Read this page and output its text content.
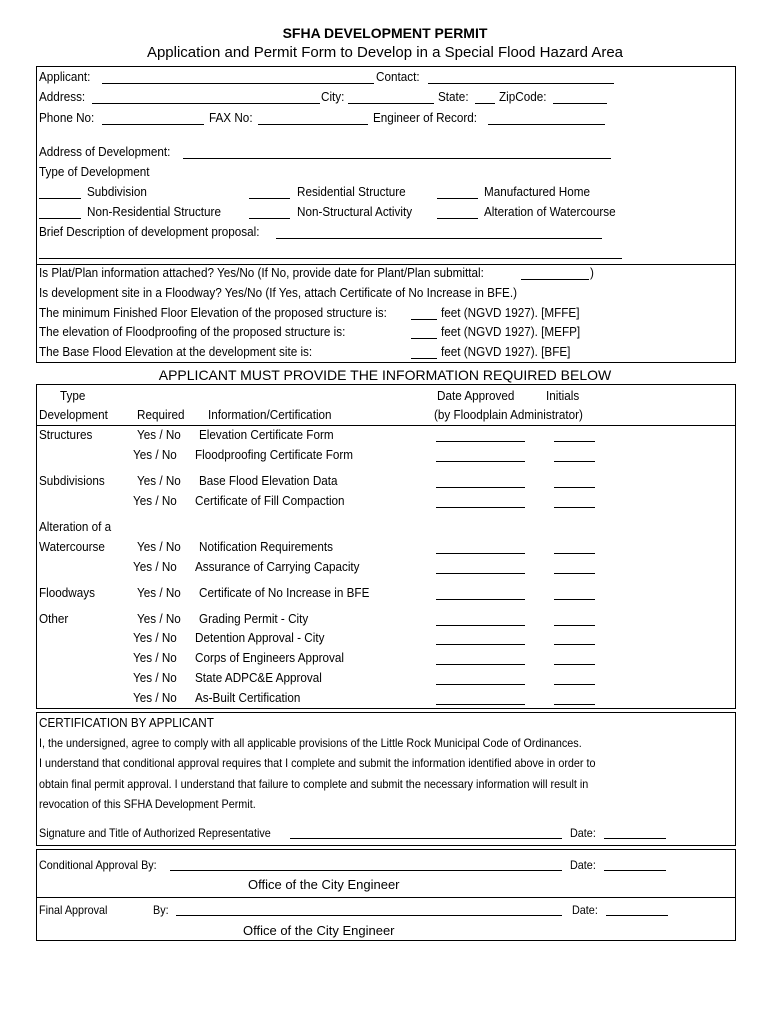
SFHA DEVELOPMENT PERMIT
Application and Permit Form to Develop in a Special Flood Hazard Area
Applicant:	Contact:
Address:	City:	State: ZipCode:
Phone No:	FAX No:	Engineer of Record:
Address of Development:
Type of Development
Subdivision	Residential Structure	Manufactured Home
Non-Residential Structure	Non-Structural Activity	Alteration of Watercourse
Brief Description of development proposal:
Is Plat/Plan information attached? Yes/No (If No, provide date for Plant/Plan submittal:	)
Is development site in a Floodway? Yes/No (If Yes, attach Certificate of No Increase in BFE.)
The minimum Finished Floor Elevation of the proposed structure is:	feet (NGVD 1927). [MFFE]
The elevation of Floodproofing of the proposed structure is:	feet (NGVD 1927). [MEFP]
The Base Flood Elevation at the development site is:	feet (NGVD 1927). [BFE]
APPLICANT MUST PROVIDE THE INFORMATION REQUIRED BELOW
Type
Development Required Information/Certification
Date Approved Initials
(by Floodplain Administrator)
Structures	Yes / No Elevation Certificate Form
Yes / No Floodproofing Certificate Form
Subdivisions Yes / No Base Flood Elevation Data
Yes / No Certificate of Fill Compaction
Alteration of a
Watercourse Yes / No Notification Requirements
Yes / No Assurance of Carrying Capacity
Floodways	Yes / No Certificate of No Increase in BFE
Other	Yes / No Grading Permit - City
Yes / No Detention Approval - City
Yes / No Corps of Engineers Approval
Yes / No State ADPC&E Approval
Yes / No As-Built Certification
CERTIFICATION BY APPLICANT
I, the undersigned, agree to comply with all applicable provisions of the Little Rock Municipal Code of Ordinances.
I understand that conditional approval requires that I complete and submit the information identified above in order to
obtain final permit approval. I understand that failure to complete and submit the necessary information will result in
revocation of this SFHA Development Permit.
Signature and Title of Authorized Representative	Date:
Conditional Approval By:	Date:
Office of the City Engineer
Final Approval	By:	Date:
Office of the City Engineer
